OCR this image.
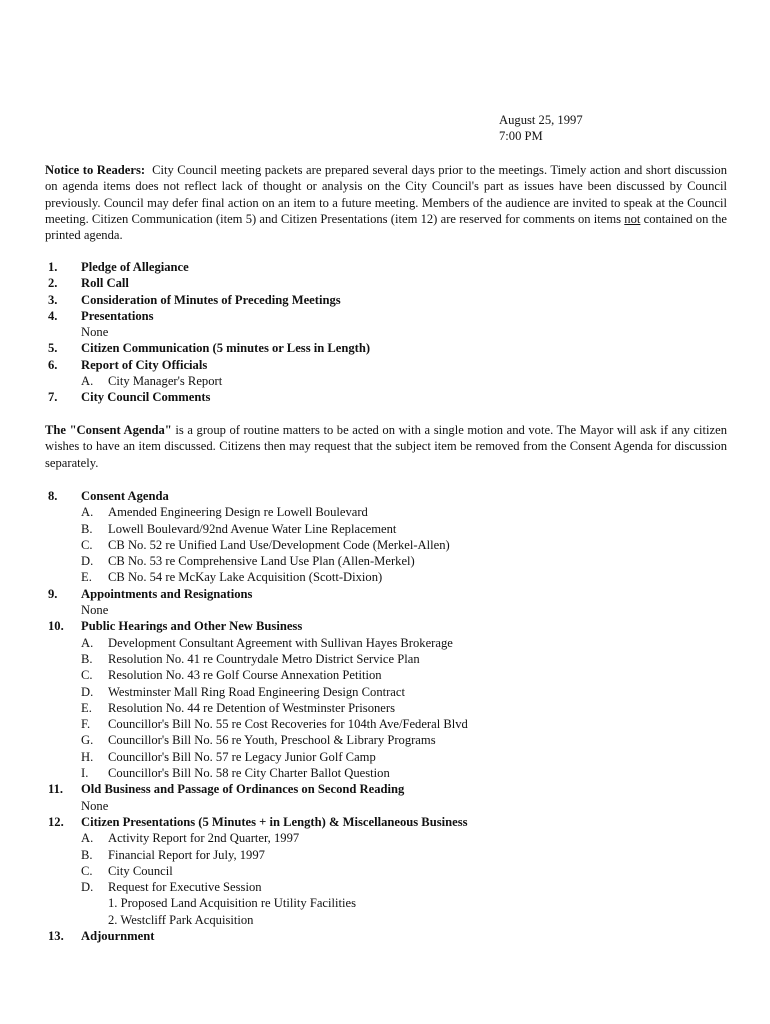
August 25, 1997
7:00 PM

Notice to Readers: City Council meeting packets are prepared several days prior to the meetings. Timely action and short discussion on agenda items does not reflect lack of thought or analysis on the City Council's part as issues have been discussed by Council previously. Council may defer final action on an item to a future meeting. Members of the audience are invited to speak at the Council meeting. Citizen Communication (item 5) and Citizen Presentations (item 12) are reserved for comments on items not contained on the printed agenda.

1.	Pledge of Allegiance
2.	Roll Call
3.	Consideration of Minutes of Preceding Meetings
4.	Presentations
None
5.	Citizen Communication (5 minutes or Less in Length)
6.	Report of City Officials
A.	City Manager's Report
7.	City Council Comments

The "Consent Agenda" is a group of routine matters to be acted on with a single motion and vote. The Mayor will ask if any citizen wishes to have an item discussed. Citizens then may request that the subject item be removed from the Consent Agenda for discussion separately.

8.	Consent Agenda
A.	Amended Engineering Design re Lowell Boulevard
B.	Lowell Boulevard/92nd Avenue Water Line Replacement
C.	CB No. 52 re Unified Land Use/Development Code (Merkel-Allen)
D.	CB No. 53 re Comprehensive Land Use Plan (Allen-Merkel)
E.	CB No. 54 re McKay Lake Acquisition (Scott-Dixion)
9.	Appointments and Resignations
None
10.	Public Hearings and Other New Business
A.	Development Consultant Agreement with Sullivan Hayes Brokerage
B.	Resolution No. 41 re Countrydale Metro District Service Plan
C.	Resolution No. 43 re Golf Course Annexation Petition
D.	Westminster Mall Ring Road Engineering Design Contract
E.	Resolution No. 44 re Detention of Westminster Prisoners
F.	Councillor's Bill No. 55 re Cost Recoveries for 104th Ave/Federal Blvd
G.	Councillor's Bill No. 56 re Youth, Preschool & Library Programs
H.	Councillor's Bill No. 57 re Legacy Junior Golf Camp
I.	Councillor's Bill No. 58 re City Charter Ballot Question
11.	Old Business and Passage of Ordinances on Second Reading
None
12.	Citizen Presentations (5 Minutes + in Length) & Miscellaneous Business
A.	Activity Report for 2nd Quarter, 1997
B.	Financial Report for July, 1997
C.	City Council
D.	Request for Executive Session
1. Proposed Land Acquisition re Utility Facilities
2. Westcliff Park Acquisition
13.	Adjournment
